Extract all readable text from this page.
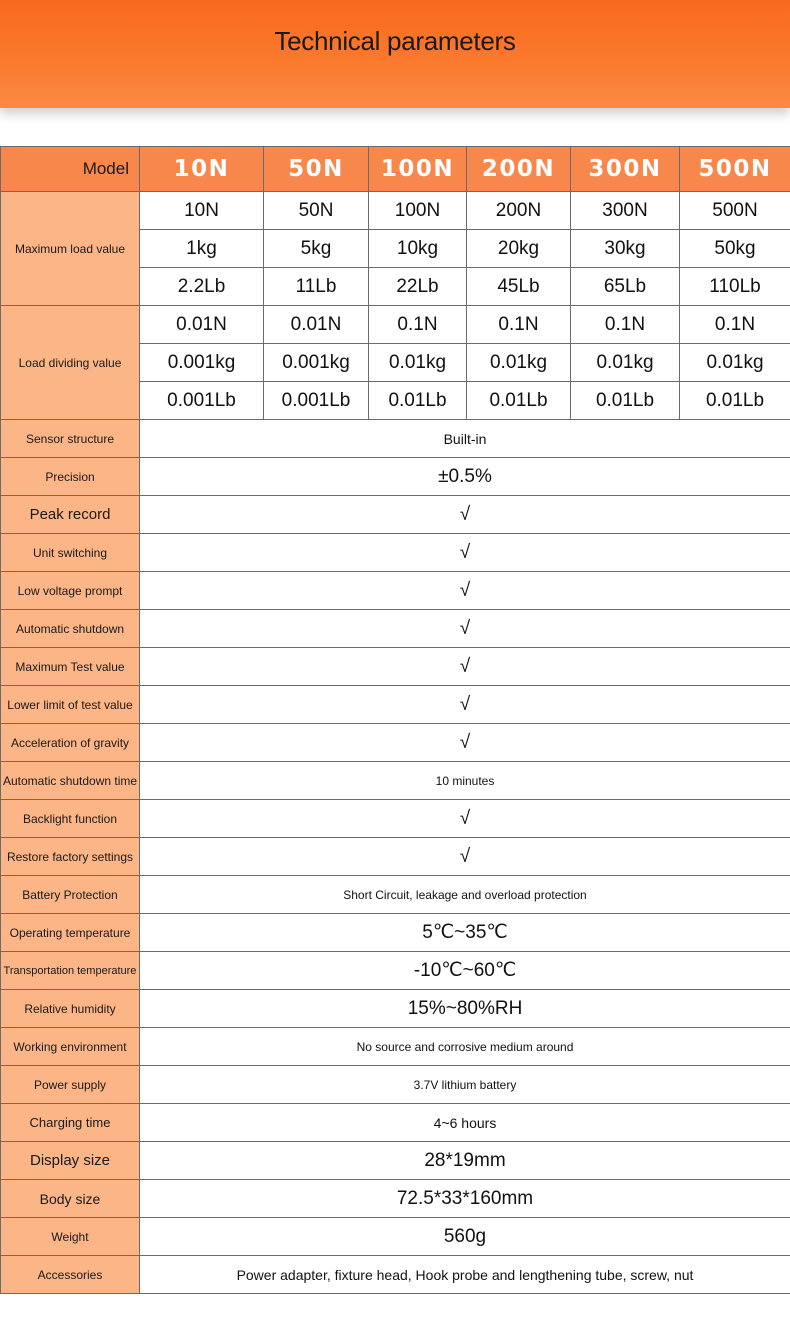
Technical parameters
Model	10N	50N	100N	200N	300N	500N
Maximum load value	10N	50N	100N	200N	300N	500N
	1kg	5kg	10kg	20kg	30kg	50kg
	2.2Lb	11Lb	22Lb	45Lb	65Lb	110Lb
Load dividing value	0.01N	0.01N	0.1N	0.1N	0.1N	0.1N
	0.001kg	0.001kg	0.01kg	0.01kg	0.01kg	0.01kg
	0.001Lb	0.001Lb	0.01Lb	0.01Lb	0.01Lb	0.01Lb
Sensor structure	Built-in					
Precision	±0.5%					
Peak record	√					
Unit switching	√					
Low voltage prompt	√					
Automatic shutdown	√					
Maximum Test value	√					
Lower limit of test value	√					
Acceleration of gravity	√					
Automatic shutdown time	10 minutes					
Backlight function	√					
Restore factory settings	√					
Battery Protection	Short Circuit, leakage and overload protection					
Operating temperature	5℃~35℃					
Transportation temperature	-10℃~60℃					
Relative humidity	15%~80%RH					
Working environment	No source and corrosive medium around					
Power supply	3.7V lithium battery					
Charging time	4~6 hours					
Display size	28*19mm					
Body size	72.5*33*160mm					
Weight	560g					
Accessories	Power adapter, fixture head, Hook probe and lengthening tube, screw, nut					
